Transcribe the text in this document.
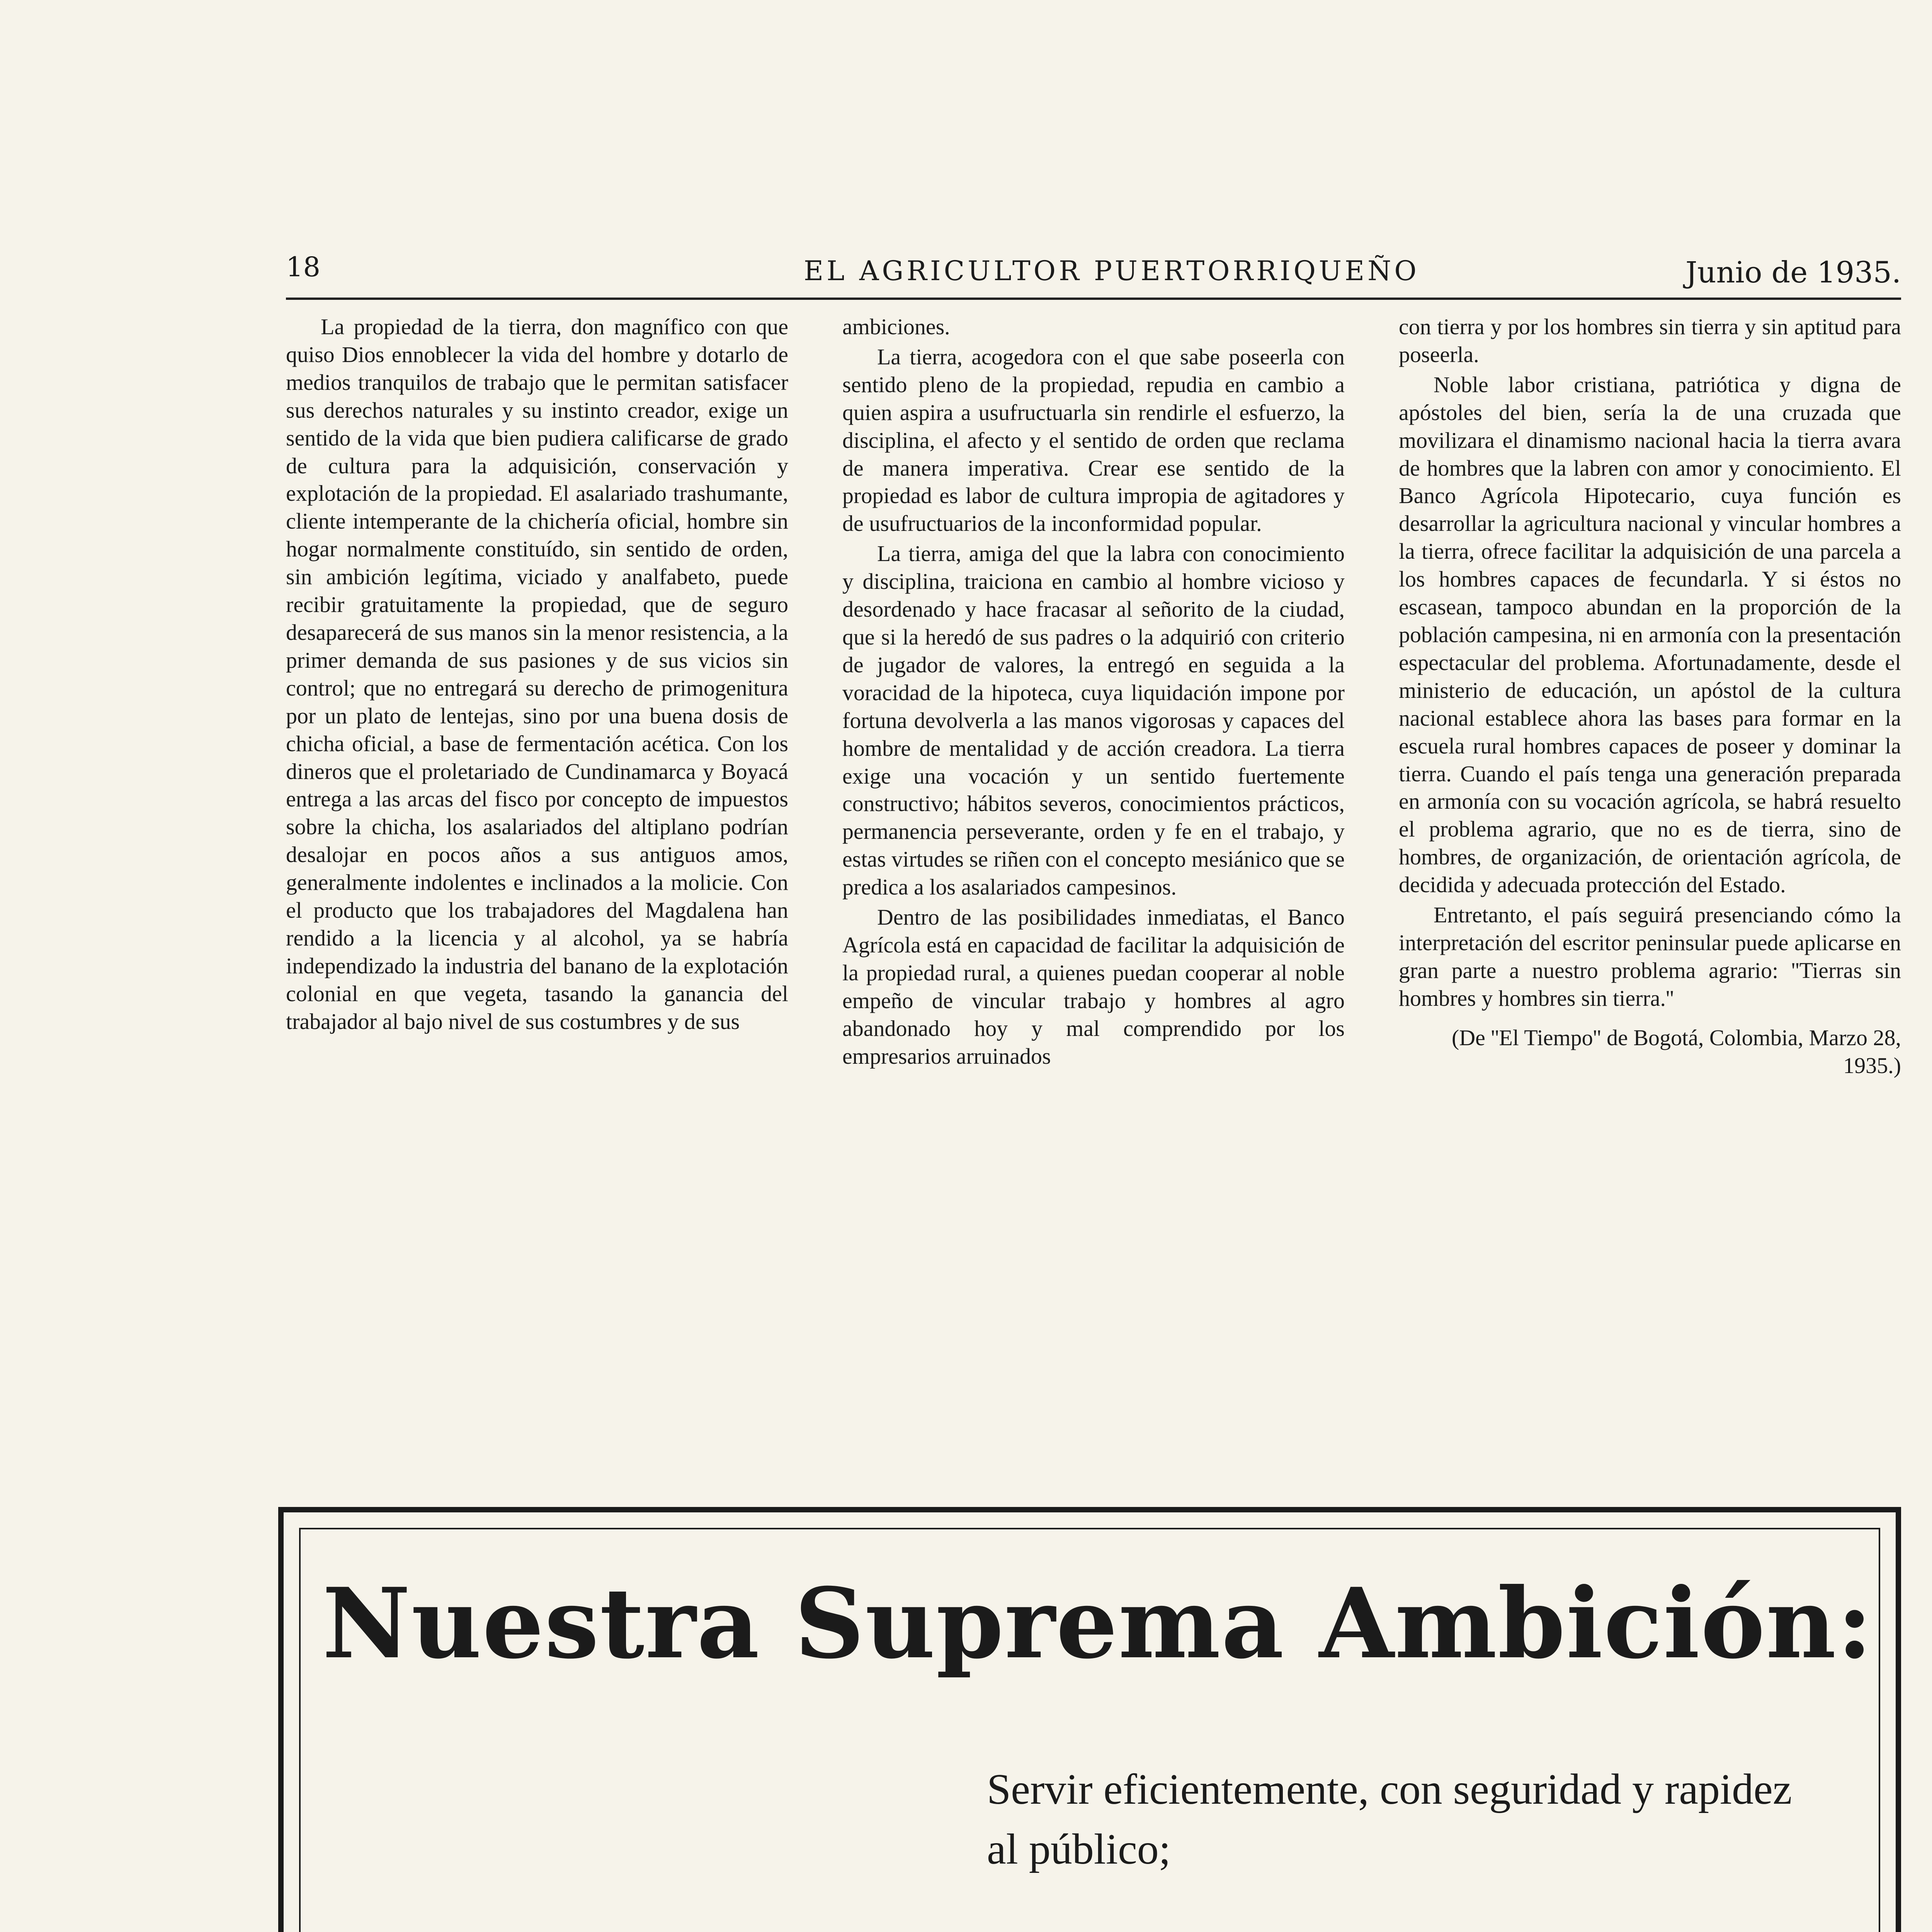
18	EL AGRICULTOR PUERTORRIQUEÑO	Junio de 1935.

La propiedad de la tierra, don magnífico con que quiso Dios ennoblecer la vida del hombre y dotarlo de medios tranquilos de trabajo que le permitan satisfacer sus derechos naturales y su instinto creador, exige un sentido de la vida que bien pudiera calificarse de grado de cultura para la adquisición, conservación y explotación de la propiedad. El asalariado trashumante, cliente intemperante de la chichería oficial, hombre sin hogar normalmente constituído, sin sentido de orden, sin ambición legítima, viciado y analfabeto, puede recibir gratuitamente la propiedad, que de seguro desaparecerá de sus manos sin la menor resistencia, a la primer demanda de sus pasiones y de sus vicios sin control; que no entregará su derecho de primogenitura por un plato de lentejas, sino por una buena dosis de chicha oficial, a base de fermentación acética. Con los dineros que el proletariado de Cundinamarca y Boyacá entrega a las arcas del fisco por concepto de impuestos sobre la chicha, los asalariados del altiplano podrían desalojar en pocos años a sus antiguos amos, generalmente indolentes e inclinados a la molicie. Con el producto que los trabajadores del Magdalena han rendido a la licencia y al alcohol, ya se habría independizado la industria del banano de la explotación colonial en que vegeta, tasando la ganancia del trabajador al bajo nivel de sus costumbres y de sus

ambiciones.

La tierra, acogedora con el que sabe poseerla con sentido pleno de la propiedad, repudia en cambio a quien aspira a usufructuarla sin rendirle el esfuerzo, la disciplina, el afecto y el sentido de orden que reclama de manera imperativa. Crear ese sentido de la propiedad es labor de cultura impropia de agitadores y de usufructuarios de la inconformidad popular.

La tierra, amiga del que la labra con conocimiento y disciplina, traiciona en cambio al hombre vicioso y desordenado y hace fracasar al señorito de la ciudad, que si la heredó de sus padres o la adquirió con criterio de jugador de valores, la entregó en seguida a la voracidad de la hipoteca, cuya liquidación impone por fortuna devolverla a las manos vigorosas y capaces del hombre de mentalidad y de acción creadora. La tierra exige una vocación y un sentido fuertemente constructivo; hábitos severos, conocimientos prácticos, permanencia perseverante, orden y fe en el trabajo, y estas virtudes se riñen con el concepto mesiánico que se predica a los asalariados campesinos.

Dentro de las posibilidades inmediatas, el Banco Agrícola está en capacidad de facilitar la adquisición de la propiedad rural, a quienes puedan cooperar al noble empeño de vincular trabajo y hombres al agro abandonado hoy y mal comprendido por los empresarios arruinados

con tierra y por los hombres sin tierra y sin aptitud para poseerla.

Noble labor cristiana, patriótica y digna de apóstoles del bien, sería la de una cruzada que movilizara el dinamismo nacional hacia la tierra avara de hombres que la labren con amor y conocimiento. El Banco Agrícola Hipotecario, cuya función es desarrollar la agricultura nacional y vincular hombres a la tierra, ofrece facilitar la adquisición de una parcela a los hombres capaces de fecundarla. Y si éstos no escasean, tampoco abundan en la proporción de la población campesina, ni en armonía con la presentación espectacular del problema. Afortunadamente, desde el ministerio de educación, un apóstol de la cultura nacional establece ahora las bases para formar en la escuela rural hombres capaces de poseer y dominar la tierra. Cuando el país tenga una generación preparada en armonía con su vocación agrícola, se habrá resuelto el problema agrario, que no es de tierra, sino de hombres, de organización, de orientación agrícola, de decidida y adecuada protección del Estado.

Entretanto, el país seguirá presenciando cómo la interpretación del escritor peninsular puede aplicarse en gran parte a nuestro problema agrario: ''Tierras sin hombres y hombres sin tierra.''

(De ''El Tiempo'' de Bogotá, Colombia, Marzo 28, 1935.)

Nuestra Suprema Ambición:
Servir eficientemente, con seguridad y rapidez al público;
